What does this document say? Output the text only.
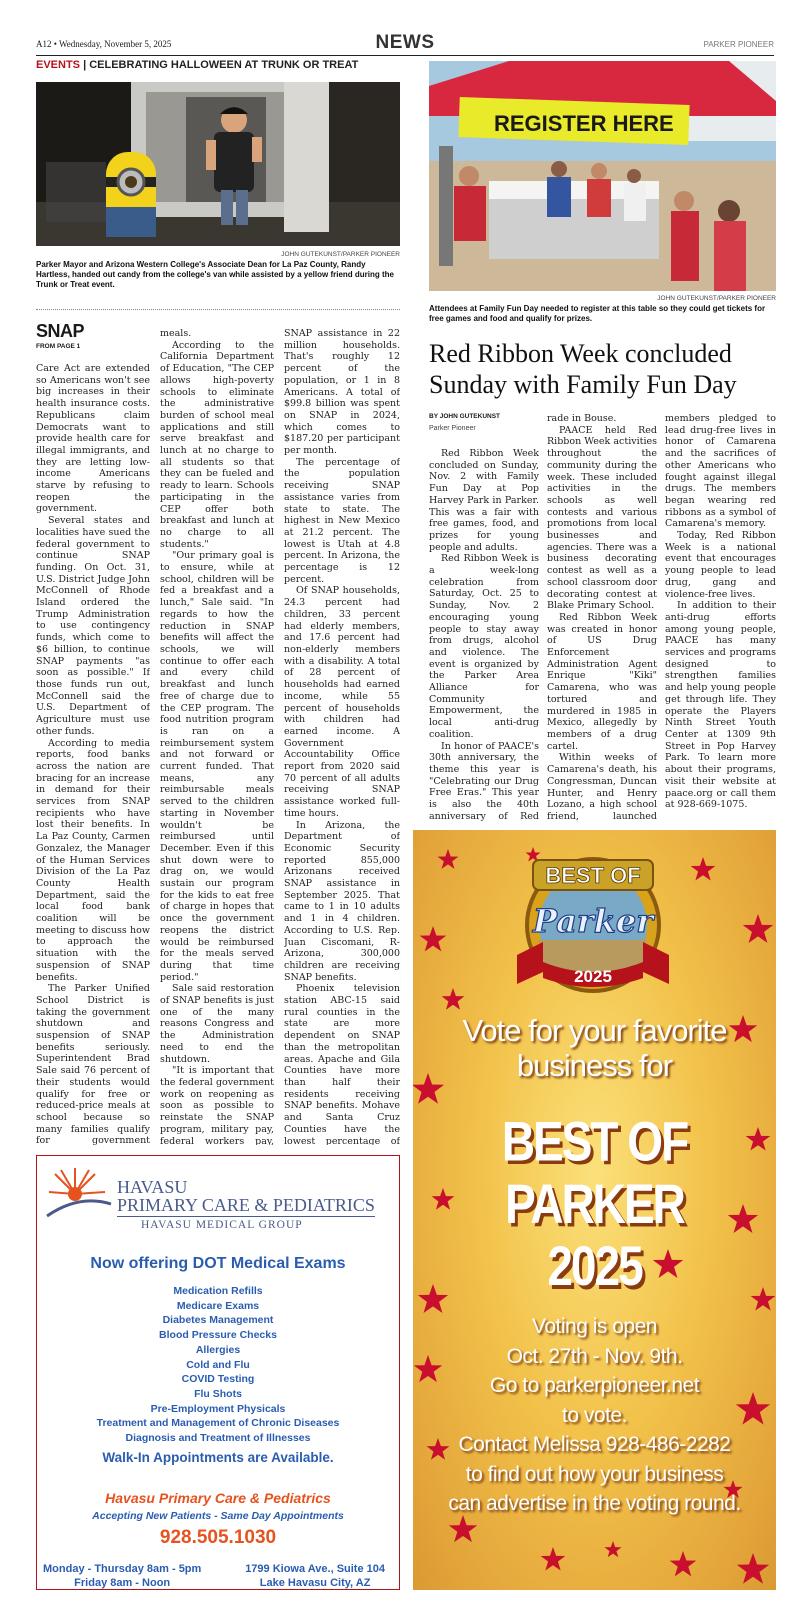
A12 • Wednesday, November 5, 2025	NEWS	PARKER PIONEER
EVENTS | CELEBRATING HALLOWEEN AT TRUNK OR TREAT
JOHN GUTEKUNST/PARKER PIONEER
Parker Mayor and Arizona Western College's Associate Dean for La Paz County, Randy Hartless, handed out candy from the college's van while assisted by a yellow friend during the Trunk or Treat event.
REGISTER HERE
JOHN GUTEKUNST/PARKER PIONEER
Attendees at Family Fun Day needed to register at this table so they could get tickets for free games and food and qualify for prizes.
SNAP
FROM PAGE 1

Care Act are extended so Americans won't see big increases in their health insurance costs. Republicans claim Democrats want to provide health care for illegal immigrants, and they are letting low-income Americans starve by refusing to reopen the government.

Several states and localities have sued the federal government to continue SNAP funding. On Oct. 31, U.S. District Judge John McConnell of Rhode Island ordered the Trump Administration to use contingency funds, which come to $6 billion, to continue SNAP payments "as soon as possible." If those funds run out, McConnell said the U.S. Department of Agriculture must use other funds.

According to media reports, food banks across the nation are bracing for an increase in demand for their services from SNAP recipients who have lost their benefits. In La Paz County, Carmen Gonzalez, the Manager of the Human Services Division of the La Paz County Health Department, said the local food bank coalition will be meeting to discuss how to approach the situation with the suspension of SNAP benefits.

The Parker Unified School District is taking the government shutdown and suspension of SNAP benefits seriously. Superintendent Brad Sale said 76 percent of their students would qualify for free or reduced-price meals at school because so many families qualify for government

meals.

According to the California Department of Education, "The CEP allows high-poverty schools to eliminate the administrative burden of school meal applications and still serve breakfast and lunch at no charge to all students so that they can be fueled and ready to learn. Schools participating in the CEP offer both breakfast and lunch at no charge to all students."

"Our primary goal is to ensure, while at school, children will be fed a breakfast and a lunch," Sale said. "In regards to how the reduction in SNAP benefits will affect the schools, we will continue to offer each and every child breakfast and lunch free of charge due to the CEP program. The food nutrition program is ran on a reimbursement system and not forward or current funded. That means, any reimbursable meals served to the children starting in November wouldn't be reimbursed until December. Even if this shut down were to drag on, we would sustain our program for the kids to eat free of charge in hopes that once the government reopens the district would be reimbursed for the meals served during that time period."

Sale said restoration of SNAP benefits is just one of the many reasons Congress and the Administration need to end the shutdown.

"It is important that the federal government work on reopening as soon as possible to reinstate the SNAP program, military pay, federal workers pay,

SNAP assistance in 22 million households. That's roughly 12 percent of the population, or 1 in 8 Americans. A total of $99.8 billion was spent on SNAP in 2024, which comes to $187.20 per participant per month.

The percentage of the population receiving SNAP assistance varies from state to state. The highest in New Mexico at 21.2 percent. The lowest is Utah at 4.8 percent. In Arizona, the percentage is 12 percent.

Of SNAP households, 24.3 percent had children, 33 percent had elderly members, and 17.6 percent had non-elderly members with a disability. A total of 28 percent of households had earned income, while 55 percent of households with children had earned income. A Government Accountability Office report from 2020 said 70 percent of all adults receiving SNAP assistance worked full-time hours.

In Arizona, the Department of Economic Security reported 855,000 Arizonans received SNAP assistance in September 2025. That came to 1 in 10 adults and 1 in 4 children. According to U.S. Rep. Juan Ciscomani, R-Arizona, 300,000 children are receiving SNAP benefits.

Phoenix television station ABC-15 said rural counties in the state are more dependent on SNAP than the metropolitan areas. Apache and Gila Counties have more than half their residents receiving SNAP benefits. Mohave and Santa Cruz Counties have the lowest percentage of

Red Ribbon Week concluded Sunday with Family Fun Day
BY JOHN GUTEKUNST
Parker Pioneer

Red Ribbon Week concluded on Sunday, Nov. 2 with Family Fun Day at Pop Harvey Park in Parker. This was a fair with free games, food, and prizes for young people and adults.

Red Ribbon Week is a week-long celebration from Saturday, Oct. 25 to Sunday, Nov. 2 encouraging young people to stay away from drugs, alcohol and violence. The event is organized by the Parker Area Alliance for Community Empowerment, the local anti-drug coalition.

In honor of PAACE's 30th anniversary, the theme this year is "Celebrating our Drug Free Eras." This year is also the 40th anniversary of Red

rade in Bouse.

PAACE held Red Ribbon Week activities throughout the community during the week. These included activities in the schools as well contests and various promotions from local businesses and agencies. There was a business decorating contest as well as a school classroom door decorating contest at Blake Primary School.

Red Ribbon Week was created in honor of US Drug Enforcement Administration Agent Enrique "Kiki" Camarena, who was tortured and murdered in 1985 in Mexico, allegedly by members of a drug cartel.

Within weeks of Camarena's death, his Congressman, Duncan Hunter, and Henry Lozano, a high school friend, launched

members pledged to lead drug-free lives in honor of Camarena and the sacrifices of other Americans who fought against illegal drugs. The members began wearing red ribbons as a symbol of Camarena's memory.

Today, Red Ribbon Week is a national event that encourages young people to lead drug, gang and violence-free lives.

In addition to their anti-drug efforts among young people, PAACE has many services and programs designed to strengthen families and help young people get through life. They operate the Players Ninth Street Youth Center at 1309 9th Street in Pop Harvey Park. To learn more about their programs, visit their website at paace.org or call them at 928-669-1075.

HAVASU
PRIMARY CARE & PEDIATRICS
HAVASU MEDICAL GROUP
Now offering DOT Medical Exams
Medication Refills
Medicare Exams
Diabetes Management
Blood Pressure Checks
Allergies
Cold and Flu
COVID Testing
Flu Shots
Pre-Employment Physicals
Treatment and Management of Chronic Diseases
Diagnosis and Treatment of Illnesses
Walk-In Appointments are Available.
Havasu Primary Care & Pediatrics
Accepting New Patients - Same Day Appointments
928.505.1030
Monday - Thursday 8am - 5pm
Friday 8am - Noon
1799 Kiowa Ave., Suite 104
Lake Havasu City, AZ
BEST OF
Parker
2025
Vote for your favorite
business for
BEST OF PARKER
2025
Voting is open
Oct. 27th - Nov. 9th.
Go to parkerpioneer.net
to vote.
Contact Melissa 928-486-2282
to find out how your business
can advertise in the voting round.
